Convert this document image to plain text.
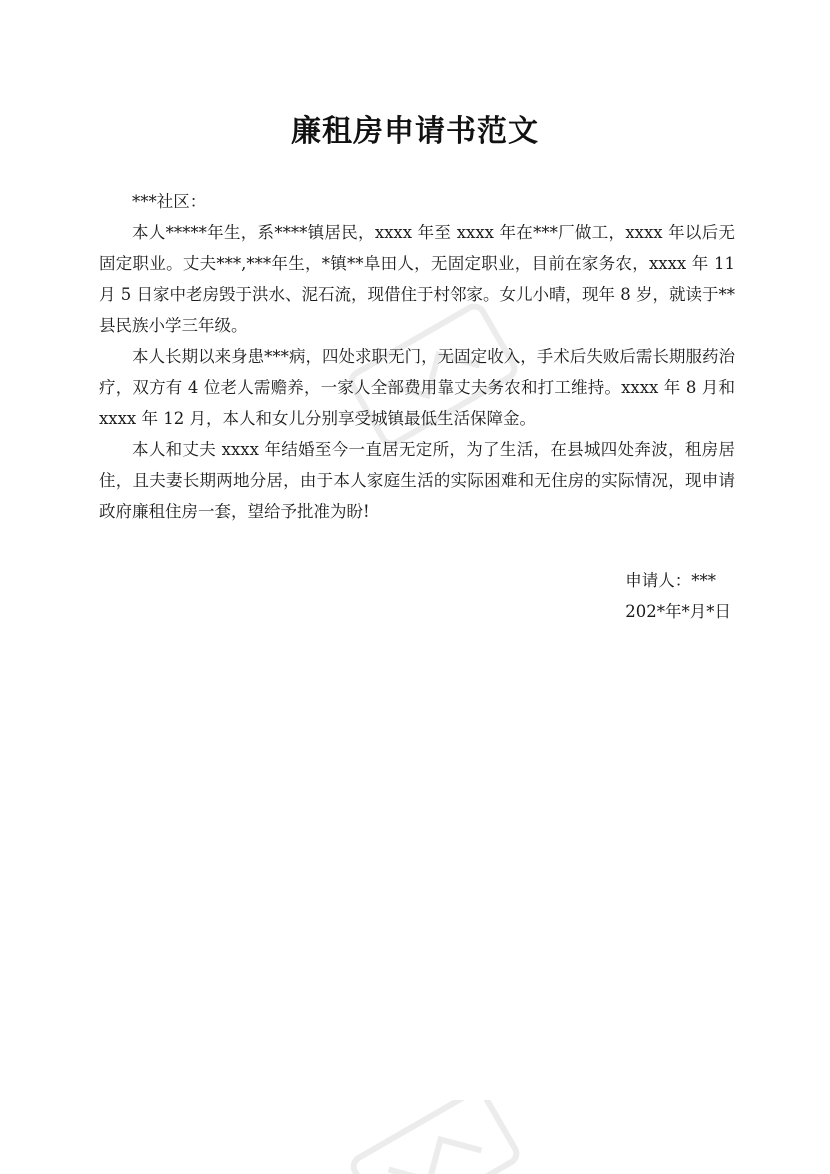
廉租房申请书范文

***社区：

本人*****年生，系****镇居民，xxxx 年至 xxxx 年在***厂做工，xxxx 年以后无固定职业。丈夫***,***年生，*镇**阜田人，无固定职业，目前在家务农，xxxx 年 11 月 5 日家中老房毁于洪水、泥石流，现借住于村邻家。女儿小晴，现年 8 岁，就读于**县民族小学三年级。

本人长期以来身患***病，四处求职无门，无固定收入，手术后失败后需长期服药治疗，双方有 4 位老人需赡养，一家人全部费用靠丈夫务农和打工维持。xxxx 年 8 月和 xxxx 年 12 月，本人和女儿分别享受城镇最低生活保障金。

本人和丈夫 xxxx 年结婚至今一直居无定所，为了生活，在县城四处奔波，租房居住，且夫妻长期两地分居，由于本人家庭生活的实际困难和无住房的实际情况，现申请政府廉租住房一套，望给予批准为盼!

申请人：***
202*年*月*日
